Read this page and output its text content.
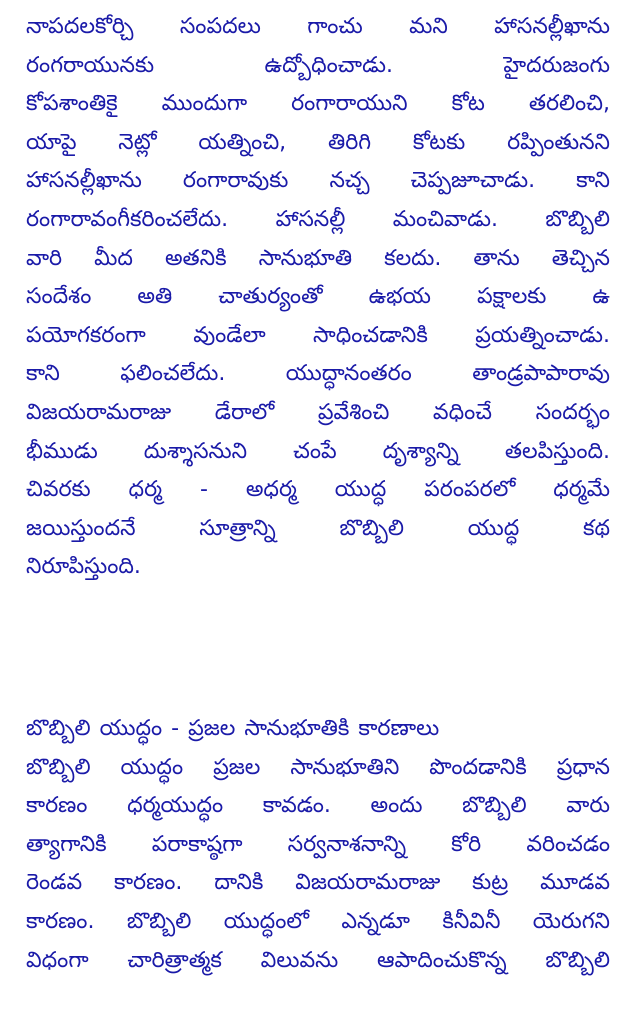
నాపదలకోర్చి సంపదలు గాంచు మని హాసనల్లీఖాను
రంగరాయునకు ఉద్బోధించాడు. హైదరుజంగు
కోపశాంతికై ముందుగా రంగారాయుని కోట తరలించి,
యాపై నెట్లో యత్నించి, తిరిగి కోటకు రప్పింతునని
హాసనల్లీఖాను రంగారావుకు నచ్చ చెప్పజూచాడు. కాని
రంగారావంగీకరించలేదు. హాసనల్లీ మంచివాడు. బొబ్బిలి
వారి మీద అతనికి సానుభూతి కలదు. తాను తెచ్చిన
సందేశం అతి చాతుర్యంతో ఉభయ పక్షాలకు ఉ
పయోగకరంగా వుండేలా సాధించడానికి ప్రయత్నించాడు.
కాని ఫలించలేదు. యుద్ధానంతరం తాండ్రపాపారావు
విజయరామరాజు డేరాలో ప్రవేశించి వధించే సందర్భం
భీముడు దుశ్శాసనుని చంపే దృశ్యాన్ని తలపిస్తుంది.
చివరకు ధర్మ - అధర్మ యుద్ధ పరంపరలో ధర్మమే
జయిస్తుందనే సూత్రాన్ని బొబ్బిలి యుద్ధ కథ
నిరూపిస్తుంది.
బొబ్బిలి యుద్ధం - ప్రజల సానుభూతికి కారణాలు
బొబ్బిలి యుద్ధం ప్రజల సానుభూతిని పొందడానికి ప్రధాన
కారణం ధర్మయుద్ధం కావడం. అందు బొబ్బిలి వారు
త్యాగానికి పరాకాష్ఠగా సర్వనాశనాన్ని కోరి వరించడం
రెండవ కారణం. దానికి విజయరామరాజు కుట్ర మూడవ
కారణం. బొబ్బిలి యుద్ధంలో ఎన్నడూ కినీవినీ యెరుగని
విధంగా చారిత్రాత్మక విలువను ఆపాదించుకొన్న బొబ్బిలి
